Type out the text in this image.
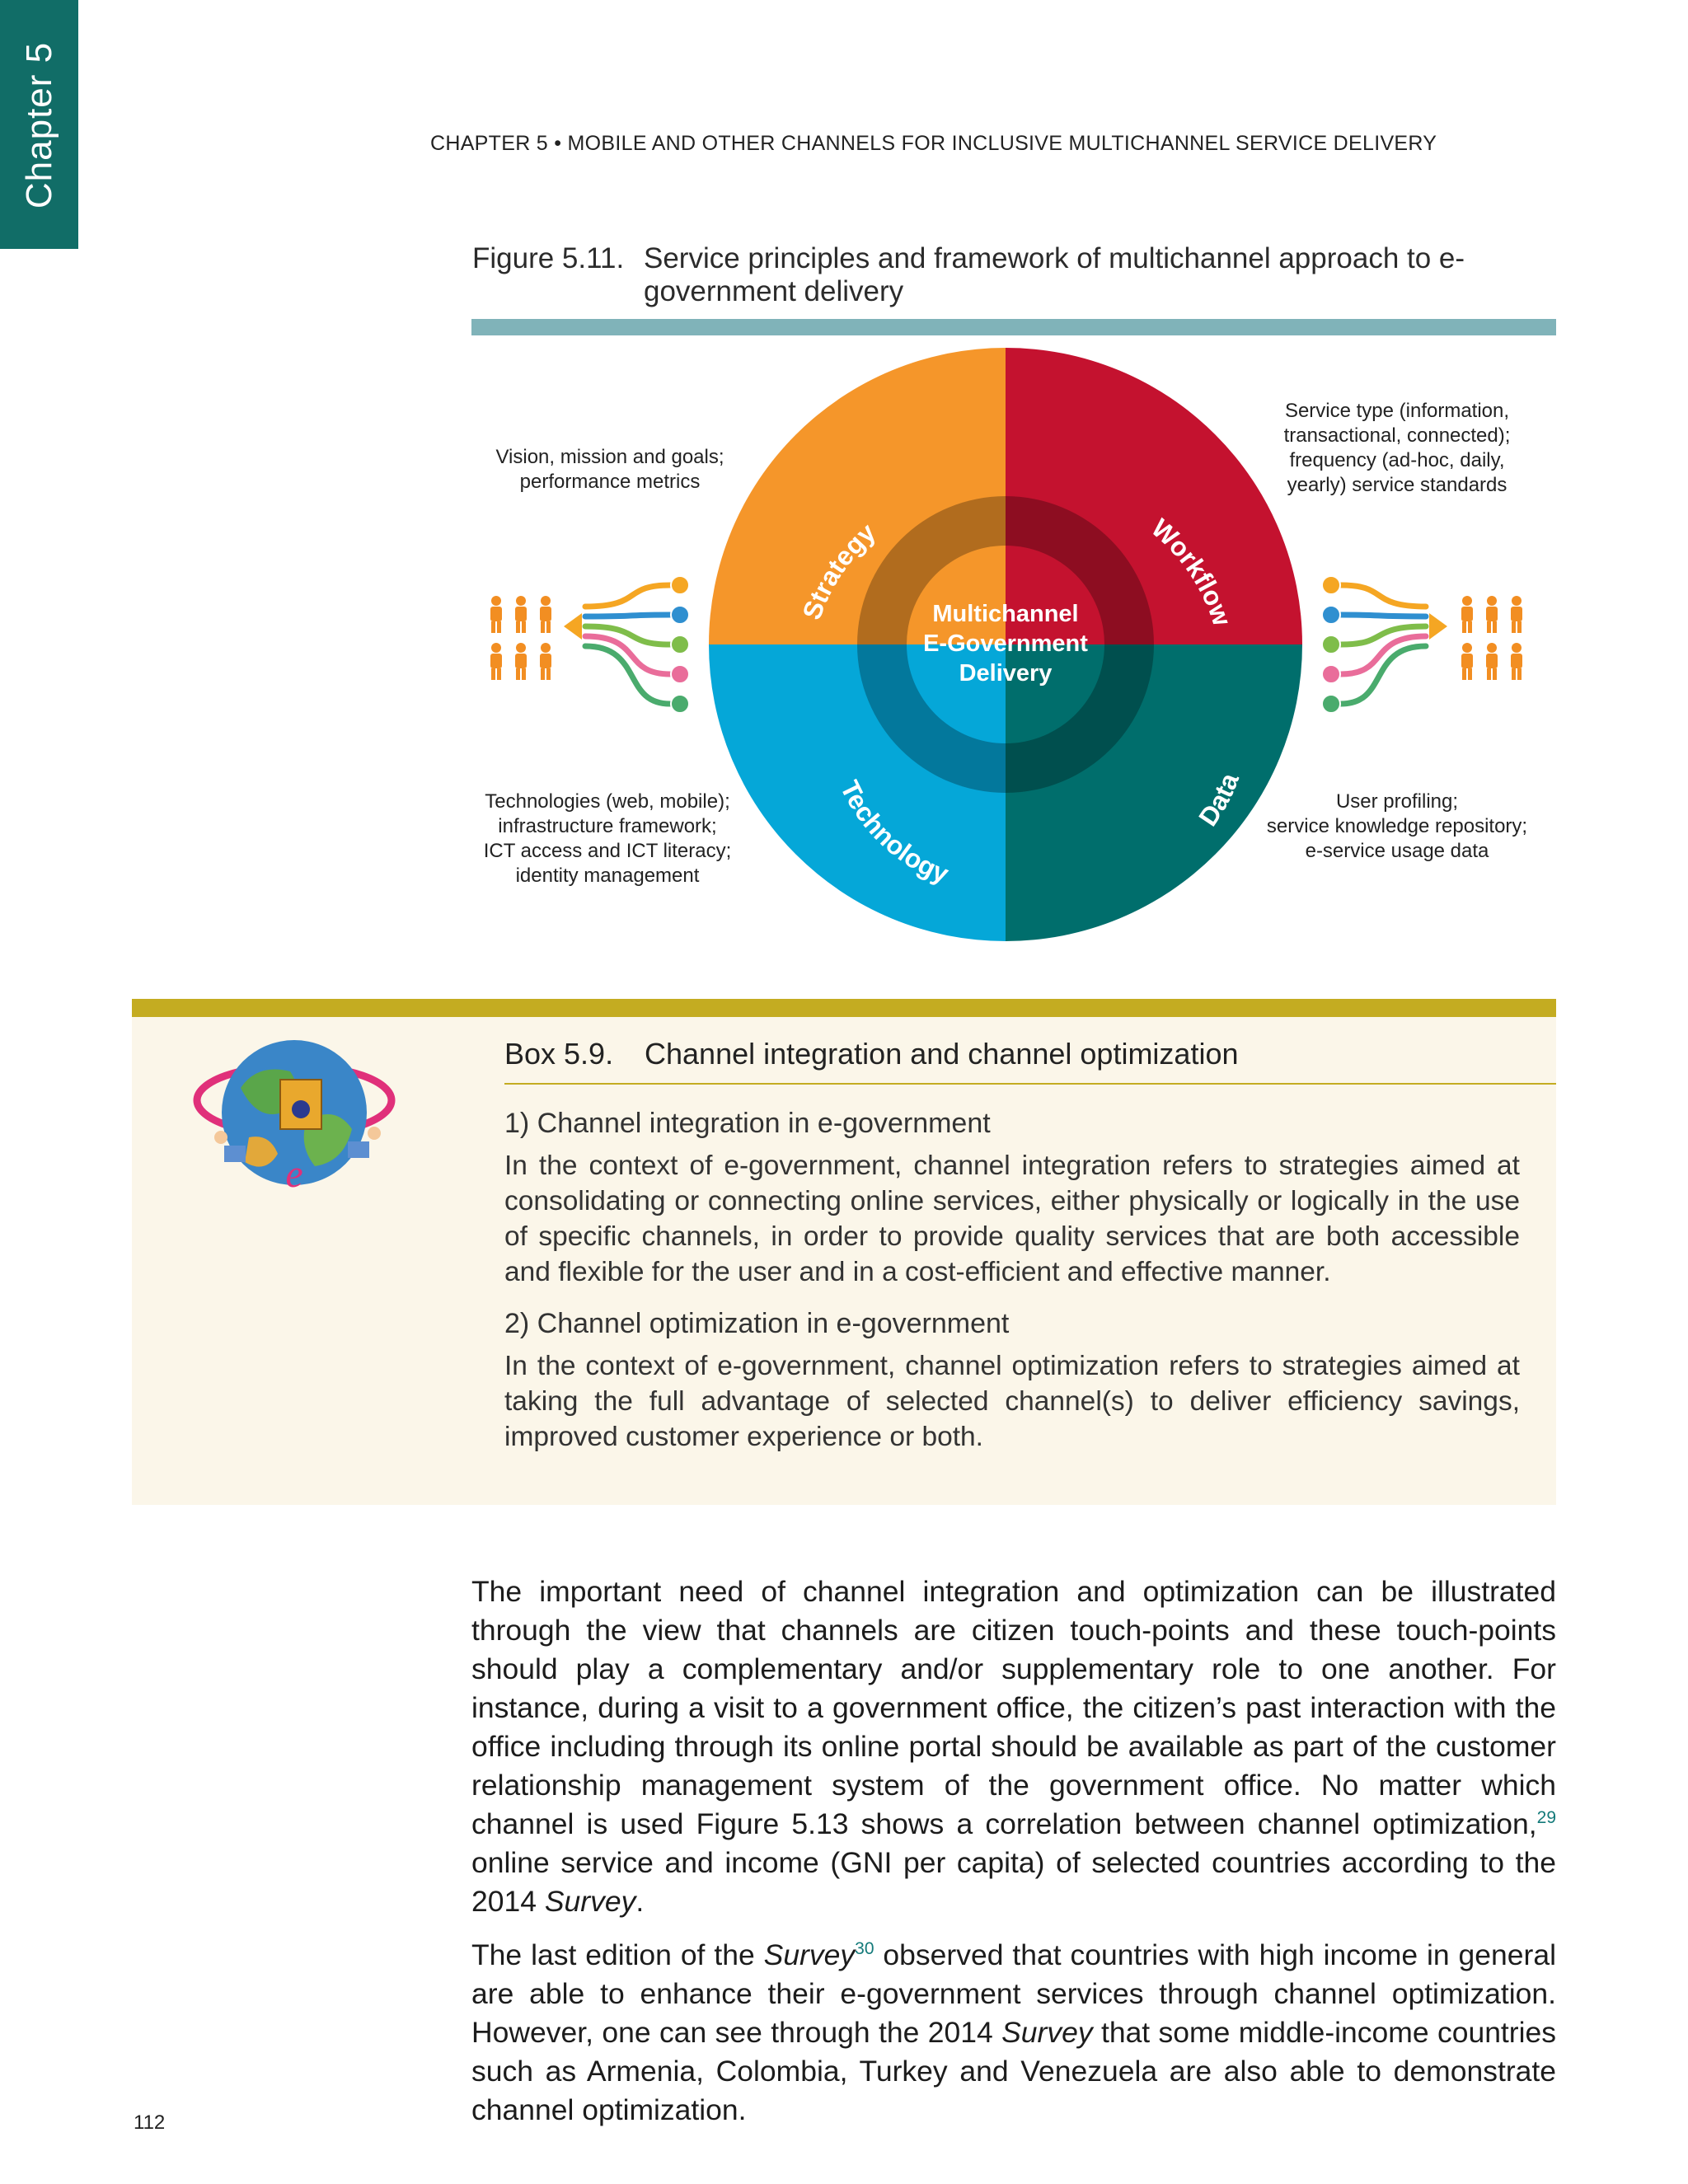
Chapter 5	CHAPTER 5 • MOBILE AND OTHER CHANNELS FOR INCLUSIVE MULTICHANNEL SERVICE DELIVERY
Figure 5.11. Service principles and framework of multichannel approach to e-government delivery
Multichannel
E-Government
Delivery
Strategy	Workflow
Technology
Data
Vision, mission and goals;
performance metrics
Service type (information,
transactional, connected);
frequency (ad-hoc, daily,
yearly) service standards
Technologies (web, mobile);
infrastructure framework;
ICT access and ICT literacy;
identity management
User profiling;
service knowledge repository;
e-service usage data
e
Box 5.9. Channel integration and channel optimization
1) Channel integration in e-government

In the context of e-government, channel integration refers to strategies aimed at consolidating or connecting online services, either physically or logically in the use of specific channels, in order to provide quality services that are both accessible and flexible for the user and in a cost-efficient and effective manner.

2) Channel optimization in e-government

In the context of e-government, channel optimization refers to strategies aimed at taking the full advantage of selected channel(s) to deliver efficiency savings, improved customer experience or both.

The important need of channel integration and optimization can be illustrated through the view that channels are citizen touch-points and these touch-points should play a complementary and/or supplementary role to one another. For instance, during a visit to a government office, the citizen’s past interaction with the office including through its online portal should be available as part of the customer relationship management system of the government office. No matter which channel is used Figure 5.13 shows a correlation between channel optimization,$^{29}$ online service and income (GNI per capita) of selected countries according to the 2014 Survey.

The last edition of the Survey$^{30}$ observed that countries with high income in general are able to enhance their e-government services through channel optimization. However, one can see through the 2014 Survey that some middle-income countries such as Armenia, Colombia, Turkey and Venezuela are also able to demonstrate channel optimization.

112
